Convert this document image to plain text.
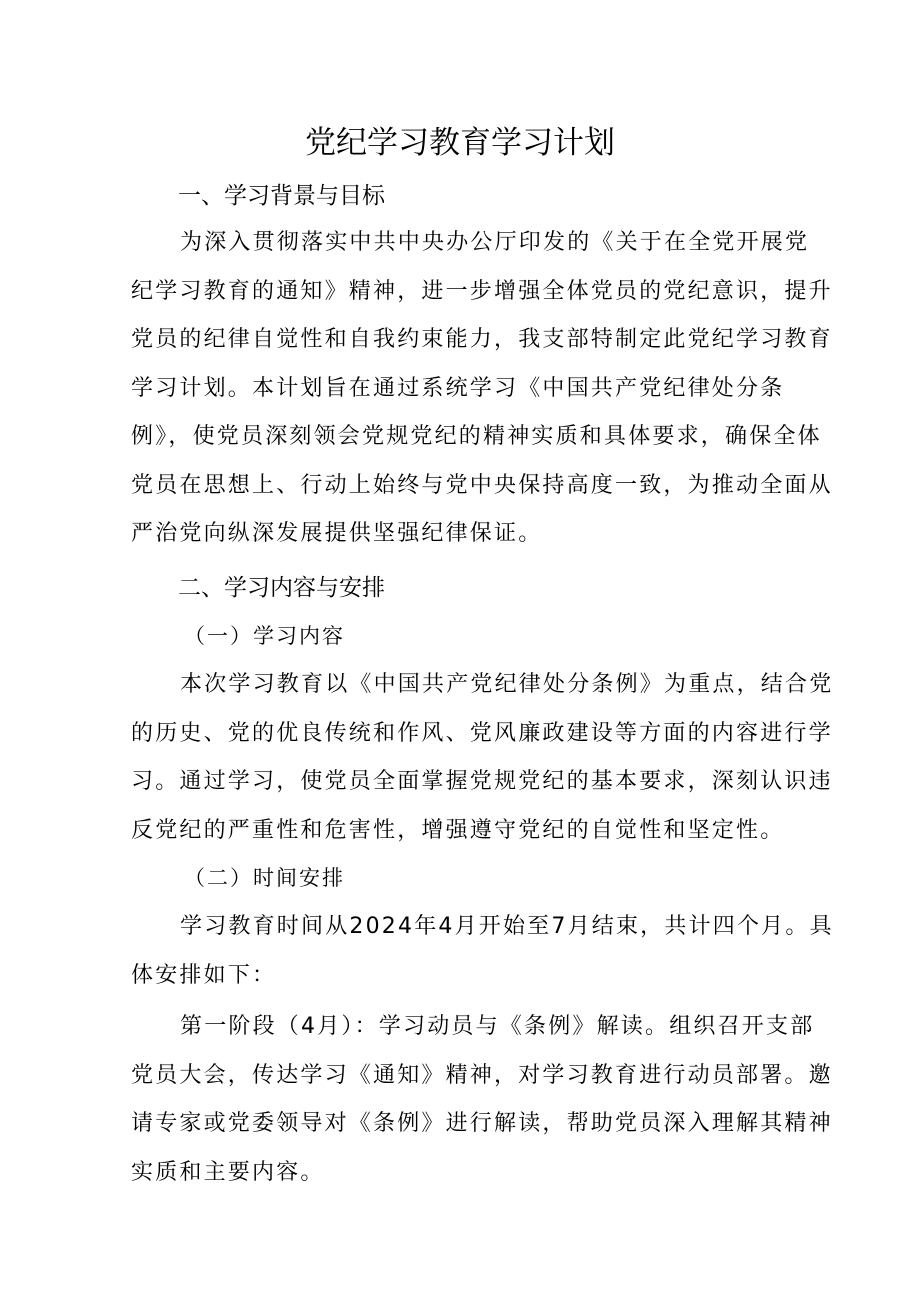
党纪学习教育学习计划
一、学习背景与目标
为深入贯彻落实中共中央办公厅印发的《关于在全党开展党
纪学习教育的通知》精神，进一步增强全体党员的党纪意识，提升
党员的纪律自觉性和自我约束能力，我支部特制定此党纪学习教育
学习计划。本计划旨在通过系统学习《中国共产党纪律处分条
例》，使党员深刻领会党规党纪的精神实质和具体要求，确保全体
党员在思想上、行动上始终与党中央保持高度一致，为推动全面从
严治党向纵深发展提供坚强纪律保证。
二、学习内容与安排
（一）学习内容
本次学习教育以《中国共产党纪律处分条例》为重点，结合党
的历史、党的优良传统和作风、党风廉政建设等方面的内容进行学
习。通过学习，使党员全面掌握党规党纪的基本要求，深刻认识违
反党纪的严重性和危害性，增强遵守党纪的自觉性和坚定性。
（二）时间安排
学习教育时间从2024年4月开始至7月结束，共计四个月。具
体安排如下：
第一阶段（4月）：学习动员与《条例》解读。组织召开支部
党员大会，传达学习《通知》精神，对学习教育进行动员部署。邀
请专家或党委领导对《条例》进行解读，帮助党员深入理解其精神
实质和主要内容。
